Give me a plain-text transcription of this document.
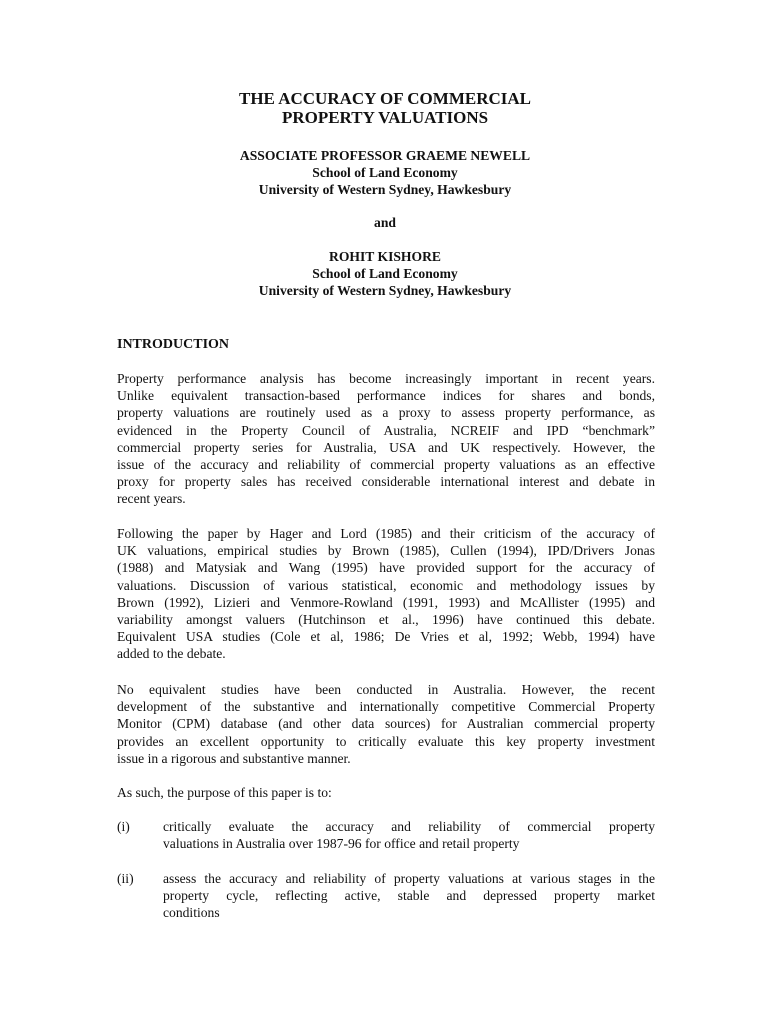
THE ACCURACY OF COMMERCIAL
PROPERTY VALUATIONS
ASSOCIATE PROFESSOR GRAEME NEWELL
School of Land Economy
University of Western Sydney, Hawkesbury
and
ROHIT KISHORE
School of Land Economy
University of Western Sydney, Hawkesbury
INTRODUCTION
Property performance analysis has become increasingly important in recent years.
Unlike equivalent transaction-based performance indices for shares and bonds,
property valuations are routinely used as a proxy to assess property performance, as
evidenced in the Property Council of Australia, NCREIF and IPD “benchmark”
commercial property series for Australia, USA and UK respectively. However, the
issue of the accuracy and reliability of commercial property valuations as an effective
proxy for property sales has received considerable international interest and debate in
recent years.
Following the paper by Hager and Lord (1985) and their criticism of the accuracy of
UK valuations, empirical studies by Brown (1985), Cullen (1994), IPD/Drivers Jonas
(1988) and Matysiak and Wang (1995) have provided support for the accuracy of
valuations. Discussion of various statistical, economic and methodology issues by
Brown (1992), Lizieri and Venmore-Rowland (1991, 1993) and McAllister (1995) and
variability amongst valuers (Hutchinson et al., 1996) have continued this debate.
Equivalent USA studies (Cole et al, 1986; De Vries et al, 1992; Webb, 1994) have
added to the debate.
No equivalent studies have been conducted in Australia. However, the recent
development of the substantive and internationally competitive Commercial Property
Monitor (CPM) database (and other data sources) for Australian commercial property
provides an excellent opportunity to critically evaluate this key property investment
issue in a rigorous and substantive manner.
As such, the purpose of this paper is to:
(i) critically evaluate the accuracy and reliability of commercial property
valuations in Australia over 1987-96 for office and retail property
(ii) assess the accuracy and reliability of property valuations at various stages in the
property cycle, reflecting active, stable and depressed property market
conditions
